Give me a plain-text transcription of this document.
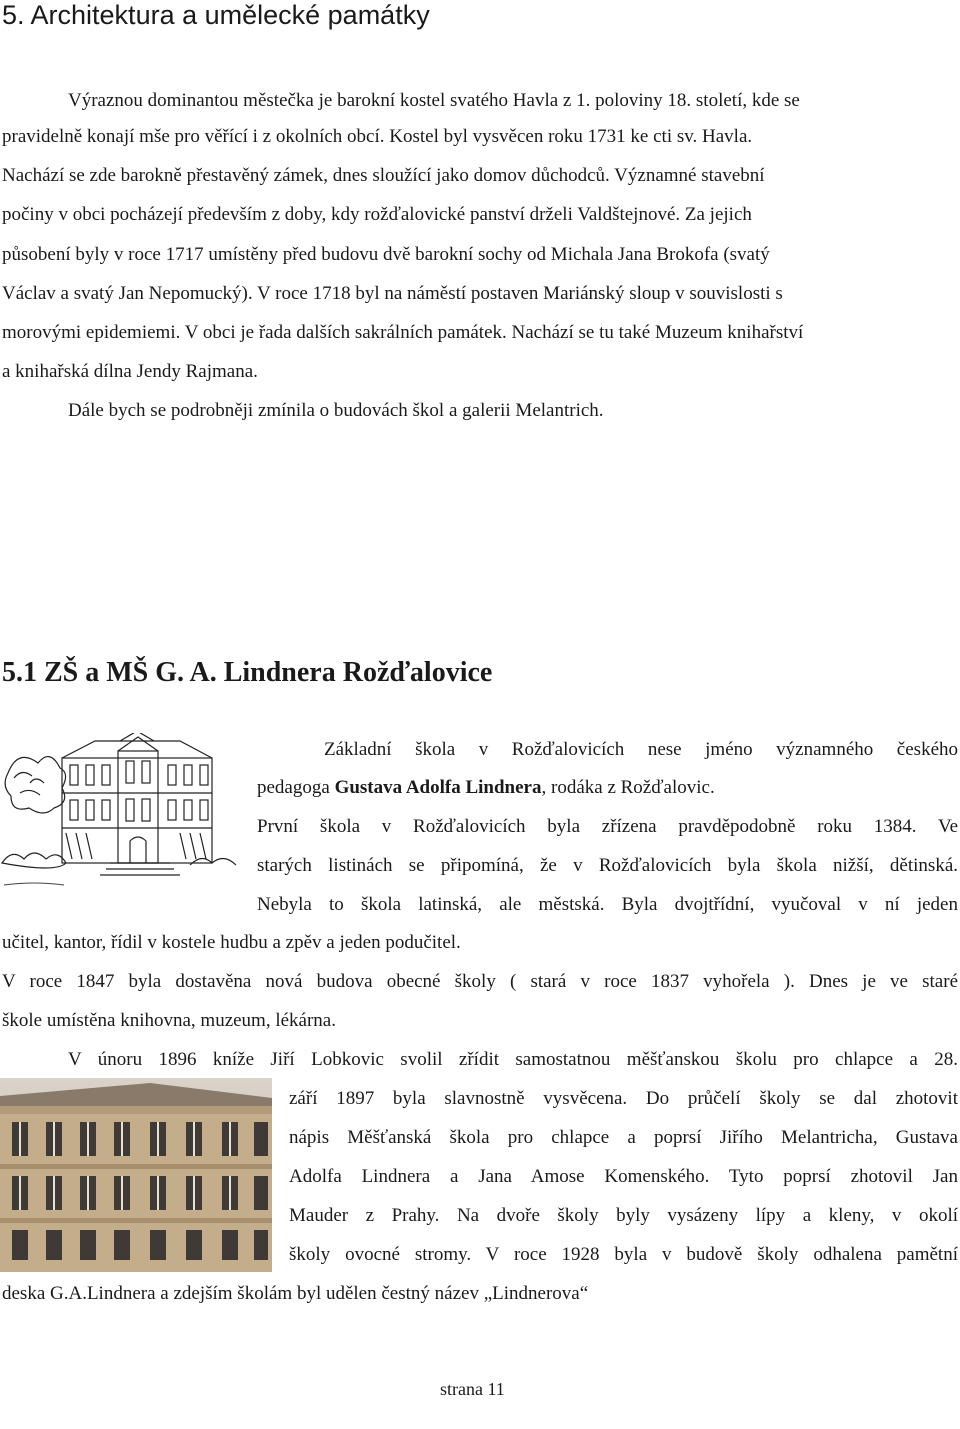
5. Architektura a umělecké památky
Výraznou dominantou městečka je barokní kostel svatého Havla z 1. poloviny 18. století, kde se
pravidelně konají mše pro věřící i z okolních obcí. Kostel byl vysvěcen roku 1731 ke cti sv. Havla.
Nachází se zde barokně přestavěný zámek, dnes sloužící jako domov důchodců. Významné stavební
počiny v obci pocházejí především z doby, kdy rožďalovické panství drželi Valdštejnové. Za jejich
působení byly v roce 1717 umístěny před budovu dvě barokní sochy od Michala Jana Brokofa (svatý
Václav a svatý Jan Nepomucký). V roce 1718 byl na náměstí postaven Mariánský sloup v souvislosti s
morovými epidemiemi. V obci je řada dalších sakrálních památek. Nachází se tu také Muzeum knihařství
a knihařská dílna Jendy Rajmana.
Dále bych se podrobněji zmínila o budovách škol a galerii Melantrich.
5.1 ZŠ a MŠ G. A. Lindnera Rožďalovice
Základní škola v Rožďalovicích nese jméno významného českého
pedagoga Gustava Adolfa Lindnera, rodáka z Rožďalovic.
První škola v Rožďalovicích byla zřízena pravděpodobně roku 1384. Ve
starých listinách se připomíná, že v Rožďalovicích byla škola nižší, dětinská.
Nebyla to škola latinská, ale městská. Byla dvojtřídní, vyučoval v ní jeden
učitel, kantor, řídil v kostele hudbu a zpěv a jeden podučitel.
V roce 1847 byla dostavěna nová budova obecné školy ( stará v roce 1837 vyhořela ). Dnes je ve staré
škole umístěna knihovna, muzeum, lékárna.
V únoru 1896 kníže Jiří Lobkovic svolil zřídit samostatnou měšťanskou školu pro chlapce a 28.
září 1897 byla slavnostně vysvěcena. Do průčelí školy se dal zhotovit
nápis Měšťanská škola pro chlapce a poprsí Jiřího Melantricha, Gustava
Adolfa Lindnera a Jana Amose Komenského. Tyto poprsí zhotovil Jan
Mauder z Prahy. Na dvoře školy byly vysázeny lípy a kleny, v okolí
školy ovocné stromy. V roce 1928 byla v budově školy odhalena pamětní
deska G.A.Lindnera a zdejším školám byl udělen čestný název „Lindnerova“
strana 11
